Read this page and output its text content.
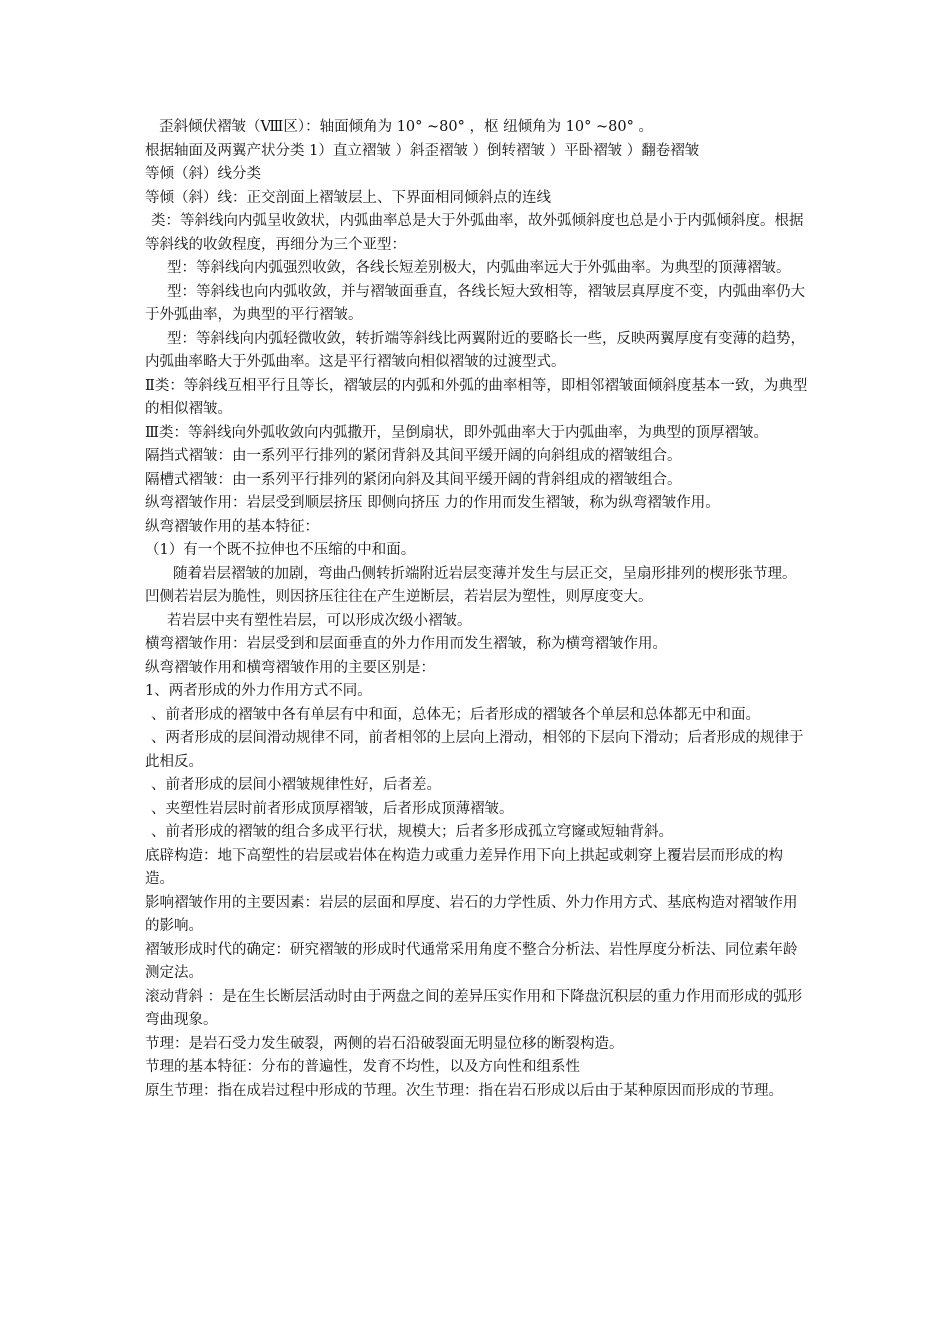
歪斜倾伏褶皱（Ⅷ区）：轴面倾角为 10° ~80° ，枢 纽倾角为 10° ~80° 。

根据轴面及两翼产状分类 1）直立褶皱 ）斜歪褶皱 ）倒转褶皱 ）平卧褶皱 ）翻卷褶皱

等倾（斜）线分类

等倾（斜）线：正交剖面上褶皱层上、下界面相同倾斜点的连线

类：等斜线向内弧呈收敛状，内弧曲率总是大于外弧曲率，故外弧倾斜度也总是小于内弧倾斜度。根据等斜线的收敛程度，再细分为三个亚型：

型：等斜线向内弧强烈收敛，各线长短差别极大，内弧曲率远大于外弧曲率。为典型的顶薄褶皱。

型：等斜线也向内弧收敛，并与褶皱面垂直，各线长短大致相等，褶皱层真厚度不变，内弧曲率仍大于外弧曲率，为典型的平行褶皱。

型：等斜线向内弧轻微收敛，转折端等斜线比两翼附近的要略长一些，反映两翼厚度有变薄的趋势，内弧曲率略大于外弧曲率。这是平行褶皱向相似褶皱的过渡型式。

Ⅱ类：等斜线互相平行且等长，褶皱层的内弧和外弧的曲率相等，即相邻褶皱面倾斜度基本一致，为典型的相似褶皱。

Ⅲ类：等斜线向外弧收敛向内弧撒开，呈倒扇状，即外弧曲率大于内弧曲率，为典型的顶厚褶皱。

隔挡式褶皱：由一系列平行排列的紧闭背斜及其间平缓开阔的向斜组成的褶皱组合。

隔槽式褶皱：由一系列平行排列的紧闭向斜及其间平缓开阔的背斜组成的褶皱组合。

纵弯褶皱作用：岩层受到顺层挤压 即侧向挤压 力的作用而发生褶皱，称为纵弯褶皱作用。

纵弯褶皱作用的基本特征：

（1）有一个既不拉伸也不压缩的中和面。

随着岩层褶皱的加剧，弯曲凸侧转折端附近岩层变薄并发生与层正交，呈扇形排列的楔形张节理。凹侧若岩层为脆性，则因挤压往往在产生逆断层，若岩层为塑性，则厚度变大。

若岩层中夹有塑性岩层，可以形成次级小褶皱。

横弯褶皱作用：岩层受到和层面垂直的外力作用而发生褶皱，称为横弯褶皱作用。

纵弯褶皱作用和横弯褶皱作用的主要区别是：

1、两者形成的外力作用方式不同。

、前者形成的褶皱中各有单层有中和面，总体无；后者形成的褶皱各个单层和总体都无中和面。

、两者形成的层间滑动规律不同，前者相邻的上层向上滑动，相邻的下层向下滑动；后者形成的规律于此相反。

、前者形成的层间小褶皱规律性好，后者差。

、夹塑性岩层时前者形成顶厚褶皱，后者形成顶薄褶皱。

、前者形成的褶皱的组合多成平行状，规模大；后者多形成孤立穹窿或短轴背斜。

底辟构造：地下高塑性的岩层或岩体在构造力或重力差异作用下向上拱起或刺穿上覆岩层而形成的构造。

影响褶皱作用的主要因素：岩层的层面和厚度、岩石的力学性质、外力作用方式、基底构造对褶皱作用的影响。

褶皱形成时代的确定：研究褶皱的形成时代通常采用角度不整合分析法、岩性厚度分析法、同位素年龄测定法。

滚动背斜 ：是在生长断层活动时由于两盘之间的差异压实作用和下降盘沉积层的重力作用而形成的弧形弯曲现象。

节理：是岩石受力发生破裂，两侧的岩石沿破裂面无明显位移的断裂构造。

节理的基本特征：分布的普遍性，发育不均性，以及方向性和组系性

原生节理：指在成岩过程中形成的节理。次生节理：指在岩石形成以后由于某种原因而形成的节理。
